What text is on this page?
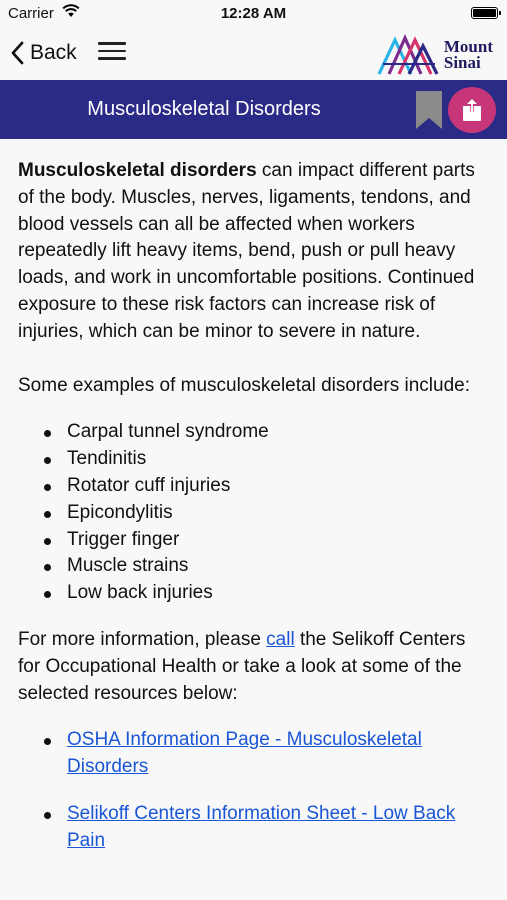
Carrier	12:28 AM
Back	Mount
Sinai
Musculoskeletal Disorders

Musculoskeletal disorders can impact different parts of the body. Muscles, nerves, ligaments, tendons, and blood vessels can all be affected when workers repeatedly lift heavy items, bend, push or pull heavy loads, and work in uncomfortable positions. Continued exposure to these risk factors can increase risk of injuries, which can be minor to severe in nature.

Some examples of musculoskeletal disorders include:

Carpal tunnel syndrome
Tendinitis
Rotator cuff injuries
Epicondylitis
Trigger finger
Muscle strains
Low back injuries

For more information, please call the Selikoff Centers for Occupational Health or take a look at some of the selected resources below:

OSHA Information Page - Musculoskeletal Disorders
Selikoff Centers Information Sheet - Low Back Pain
